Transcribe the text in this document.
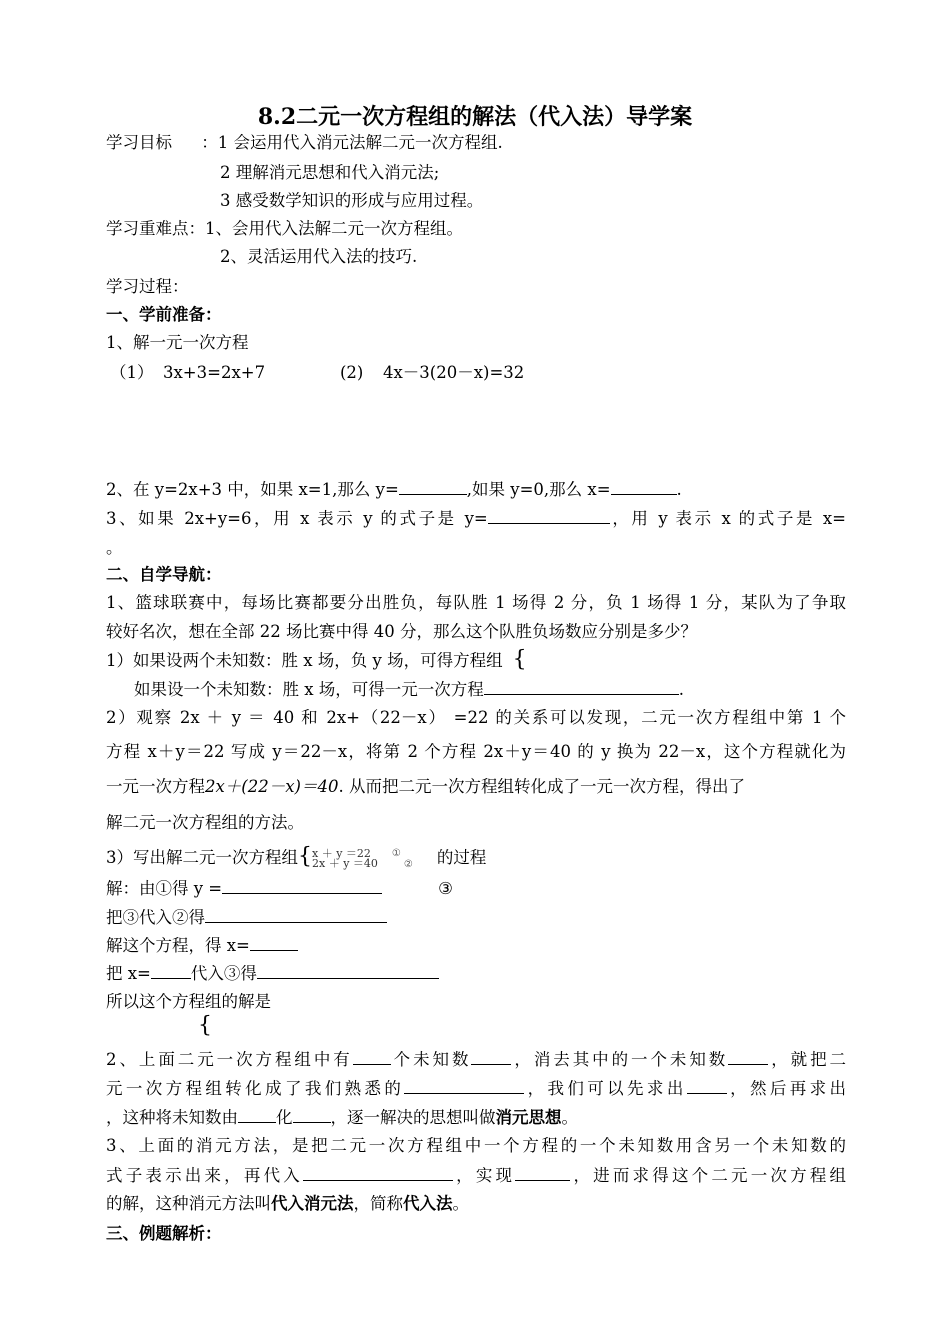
8.2二元一次方程组的解法（代入法）导学案
学习目标 ：1 会运用代入消元法解二元一次方程组.
2 理解消元思想和代入消元法;
3 感受数学知识的形成与应用过程。
学习重难点：1、会用代入法解二元一次方程组。
2、灵活运用代入法的技巧.
学习过程：
一、学前准备：
1、解一元一次方程
（1） 3x+3=2x+7	(2) 4x－3(20－x)=32
2、在 y=2x+3 中，如果 x=1,那么 y=	,如果 y=0,那么 x=	.
3、如果 2x+y=6，用 x 表示 y 的式子是 y=	，用 y 表示 x 的式子是 x=
。
二、自学导航：
1、篮球联赛中，每场比赛都要分出胜负，每队胜 1 场得 2 分，负 1 场得 1 分，某队为了争取
较好名次，想在全部 22 场比赛中得 40 分，那么这个队胜负场数应分别是多少？
1）如果设两个未知数：胜 x 场，负 y 场，可得方程组 {
如果设一个未知数：胜 x 场，可得一元一次方程	.
2）观察 2x ＋ y ＝ 40 和 2x+（22－x） =22 的关系可以发现，二元一次方程组中第 1 个
方程 x＋y＝22 写成 y＝22－x，将第 2 个方程 2x＋y＝40 的 y 换为 22－x，这个方程就化为
一元一次方程2x＋(22－x)＝40. 从而把二元一次方程组转化成了一元一次方程，得出了
解二元一次方程组的方法。
3）写出解二元一次方程组{x ＋ y ＝22
2x ＋ y ＝40①
② 的过程
解：由①得 y =	③
把③代入②得
解这个方程，得 x=
把 x= 代入③得
所以这个方程组的解是
{
2、上面二元一次方程组中有 个未知数 ，消去其中的一个未知数 ，就把二
元一次方程组转化成了我们熟悉的	，我们可以先求出 ，然后再求出
，这种将未知数由 化 ，逐一解决的思想叫做消元思想。
3、上面的消元方法，是把二元一次方程组中一个方程的一个未知数用含另一个未知数的
式子表示出来，再代入	，实现	，进而求得这个二元一次方程组
的解，这种消元方法叫代入消元法，简称代入法。
三、例题解析：
